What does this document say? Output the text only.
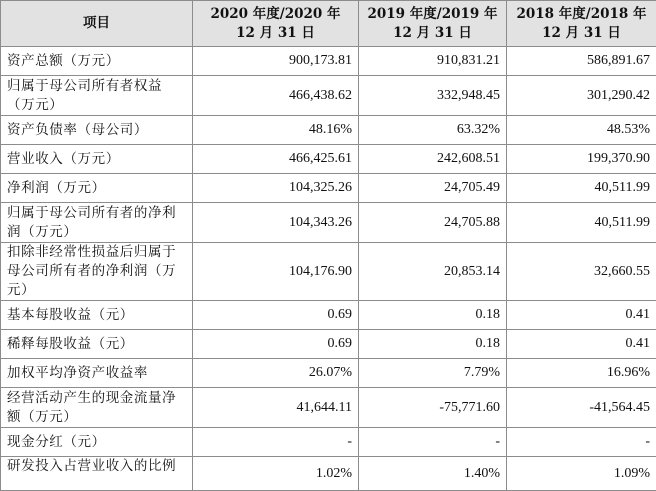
项目	2020 年度/2020 年 12 月 31 日	2019 年度/2019 年 12 月 31 日	2018 年度/2018 年 12 月 31 日
资产总额（万元）	900,173.81	910,831.21	586,891.67
归属于母公司所有者权益（万元）	466,438.62	332,948.45	301,290.42
资产负债率（母公司）	48.16%	63.32%	48.53%
营业收入（万元）	466,425.61	242,608.51	199,370.90
净利润（万元）	104,325.26	24,705.49	40,511.99
归属于母公司所有者的净利润（万元）	104,343.26	24,705.88	40,511.99
扣除非经常性损益后归属于母公司所有者的净利润（万元）	104,176.90	20,853.14	32,660.55
基本每股收益（元）	0.69	0.18	0.41
稀释每股收益（元）	0.69	0.18	0.41
加权平均净资产收益率	26.07%	7.79%	16.96%
经营活动产生的现金流量净额（万元）	41,644.11	-75,771.60	-41,564.45
现金分红（元）	-	-	-
研发投入占营业收入的比例	1.02%	1.40%	1.09%
